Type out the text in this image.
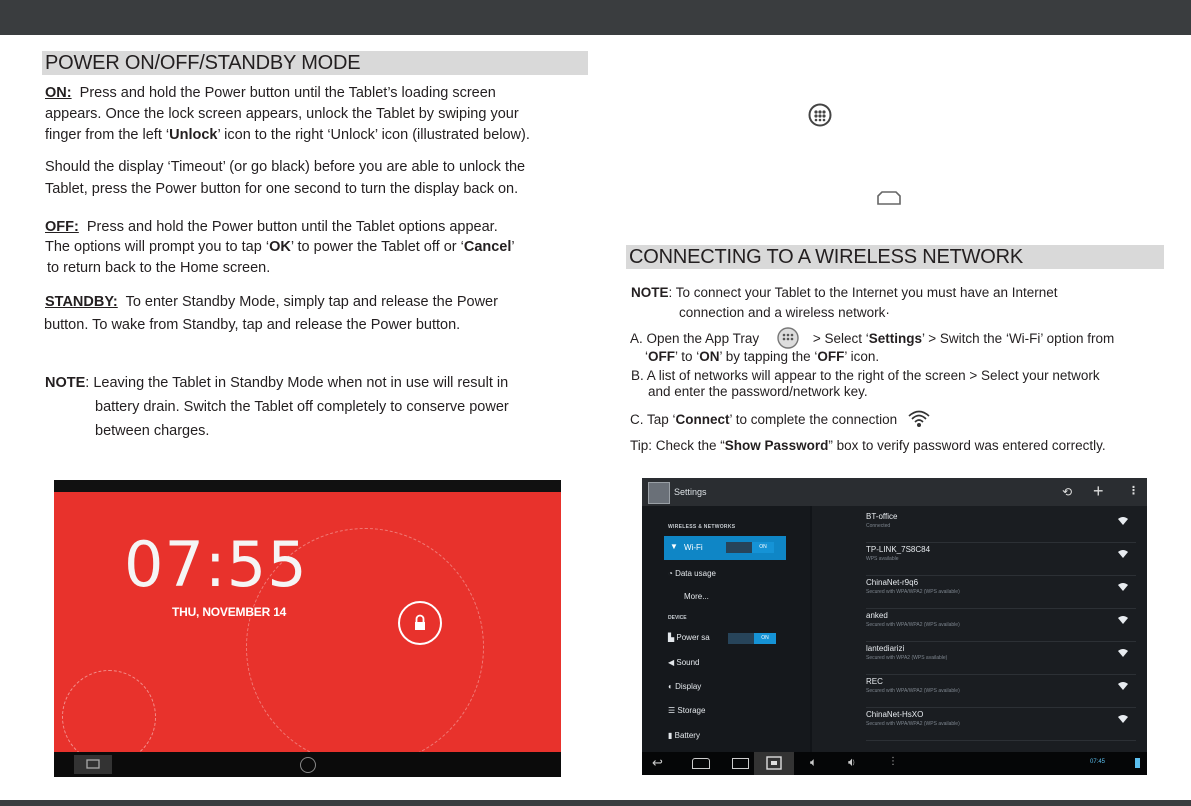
POWER ON/OFF/STANDBY MODE
ON: Press and hold the Power button until the Tablet’s loading screen
appears. Once the lock screen appears, unlock the Tablet by swiping your
finger from the left ‘Unlock’ icon to the right ‘Unlock’ icon (illustrated below).
Should the display ‘Timeout’ (or go black) before you are able to unlock the
Tablet, press the Power button for one second to turn the display back on.
OFF: Press and hold the Power button until the Tablet options appear.
The options will prompt you to tap ‘OK’ to power the Tablet off or ‘Cancel’
to return back to the Home screen.
STANDBY: To enter Standby Mode, simply tap and release the Power
button. To wake from Standby, tap and release the Power button.
NOTE: Leaving the Tablet in Standby Mode when not in use will result in
battery drain. Switch the Tablet off completely to conserve power
between charges.
07:55
THU, NOVEMBER 14
CONNECTING TO A WIRELESS NETWORK
NOTE: To connect your Tablet to the Internet you must have an Internet
connection and a wireless network·
A. Open the App Tray	> Select ‘Settings’ > Switch the ‘Wi-Fi’ option from
‘OFF’ to ‘ON’ by tapping the ‘OFF’ icon.
B. A list of networks will appear to the right of the screen > Select your network
and enter the password/network key.
C. Tap ‘Connect’ to complete the connection
Tip: Check the “Show Password” box to verify password was entered correctly.
Settings	⟲ + ⋮
WIRELESS & NETWORKS
▼ Wi-Fi	ON
◔ Data usage
More...
DEVICE
▙ Power sa	ON
◀ Sound
◐ Display
☰ Storage
▮ Battery
BT-office
Connected
TP-LINK_7S8C84
WPS available
ChinaNet-r9q6
Secured with WPA/WPA2 (WPS available)
anked
Secured with WPA/WPA2 (WPS available)
lantediarizi
Secured with WPA2 (WPS available)
REC
Secured with WPA/WPA2 (WPS available)
ChinaNet-HsXO
Secured with WPA/WPA2 (WPS available)
↩	🔈︎	🔉︎	⋮	07:45
